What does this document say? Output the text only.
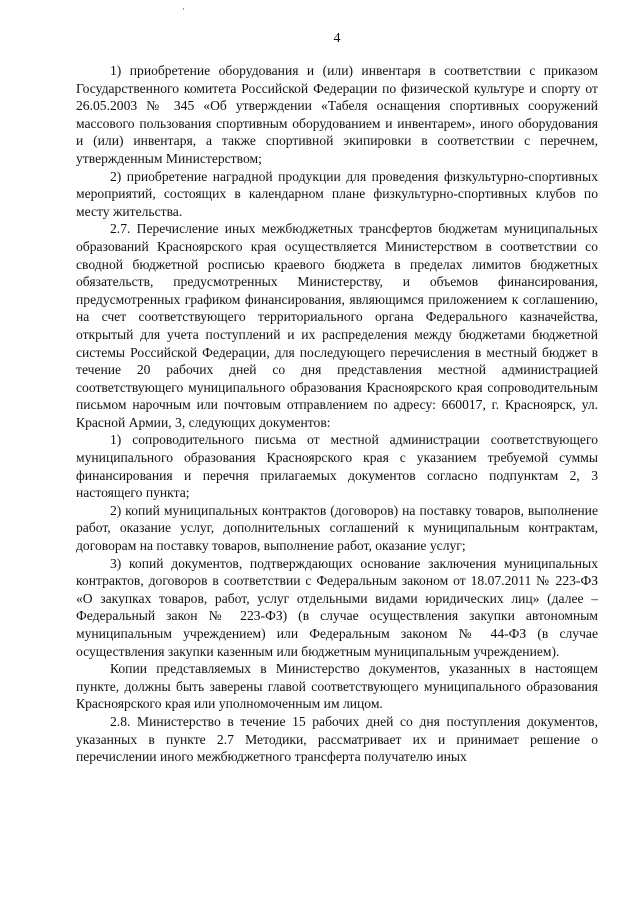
4

1) приобретение оборудования и (или) инвентаря в соответствии с приказом Государственного комитета Российской Федерации по физической культуре и спорту от 26.05.2003 № 345 «Об утверждении «Табеля оснащения спортивных сооружений массового пользования спортивным оборудованием и инвентарем», иного оборудования и (или) инвентаря, а также спортивной экипировки в соответствии с перечнем, утвержденным Министерством;

2) приобретение наградной продукции для проведения физкультурно-спортивных мероприятий, состоящих в календарном плане физкультурно-спортивных клубов по месту жительства.

2.7. Перечисление иных межбюджетных трансфертов бюджетам муниципальных образований Красноярского края осуществляется Министерством в соответствии со сводной бюджетной росписью краевого бюджета в пределах лимитов бюджетных обязательств, предусмотренных Министерству, и объемов финансирования, предусмотренных графиком финансирования, являющимся приложением к соглашению, на счет соответствующего территориального органа Федерального казначейства, открытый для учета поступлений и их распределения между бюджетами бюджетной системы Российской Федерации, для последующего перечисления в местный бюджет в течение 20 рабочих дней со дня представления местной администрацией соответствующего муниципального образования Красноярского края сопроводительным письмом нарочным или почтовым отправлением по адресу: 660017, г. Красноярск, ул. Красной Армии, 3, следующих документов:

1) сопроводительного письма от местной администрации соответствующего муниципального образования Красноярского края с указанием требуемой суммы финансирования и перечня прилагаемых документов согласно подпунктам 2, 3 настоящего пункта;

2) копий муниципальных контрактов (договоров) на поставку товаров, выполнение работ, оказание услуг, дополнительных соглашений к муниципальным контрактам, договорам на поставку товаров, выполнение работ, оказание услуг;

3) копий документов, подтверждающих основание заключения муниципальных контрактов, договоров в соответствии с Федеральным законом от 18.07.2011 № 223-ФЗ «О закупках товаров, работ, услуг отдельными видами юридических лиц» (далее – Федеральный закон № 223-ФЗ) (в случае осуществления закупки автономным муниципальным учреждением) или Федеральным законом № 44-ФЗ (в случае осуществления закупки казенным или бюджетным муниципальным учреждением).

Копии представляемых в Министерство документов, указанных в настоящем пункте, должны быть заверены главой соответствующего муниципального образования Красноярского края или уполномоченным им лицом.

2.8. Министерство в течение 15 рабочих дней со дня поступления документов, указанных в пункте 2.7 Методики, рассматривает их и принимает решение о перечислении иного межбюджетного трансферта получателю иных
